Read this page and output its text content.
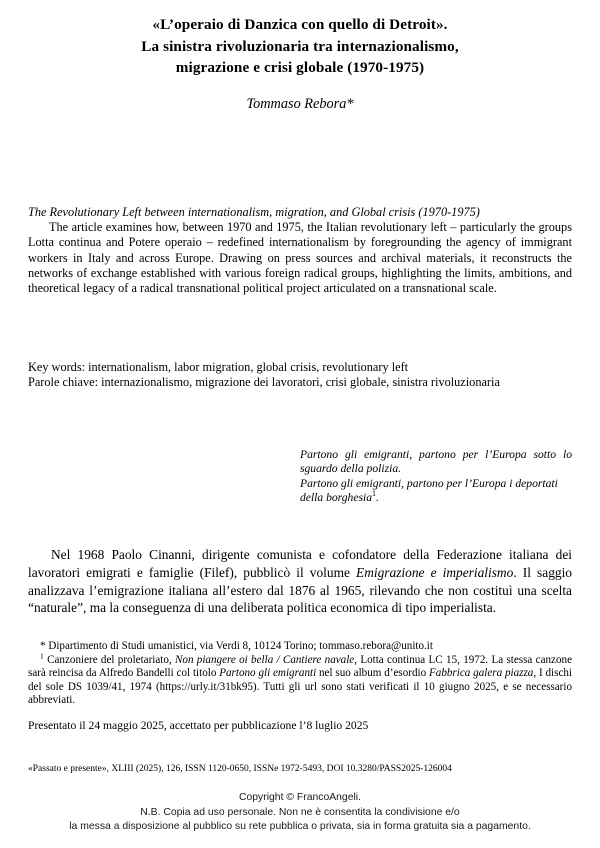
«L’operaio di Danzica con quello di Detroit».
La sinistra rivoluzionaria tra internazionalismo,
migrazione e crisi globale (1970-1975)
Tommaso Rebora*
The Revolutionary Left between internationalism, migration, and Global crisis (1970-1975)
The article examines how, between 1970 and 1975, the Italian revolutionary left – particularly the groups Lotta continua and Potere operaio – redefined internationalism by foregrounding the agency of immigrant workers in Italy and across Europe. Drawing on press sources and archival materials, it reconstructs the networks of exchange established with various foreign radical groups, highlighting the limits, ambitions, and theoretical legacy of a radical transnational political project articulated on a transnational scale.
Key words: internationalism, labor migration, global crisis, revolutionary left
Parole chiave: internazionalismo, migrazione dei lavoratori, crisi globale, sinistra rivoluzionaria
Partono gli emigranti, partono per l’Europa sotto lo sguardo della polizia.
Partono gli emigranti, partono per l’Europa i deportati della borghesia$^1$.

Nel 1968 Paolo Cinanni, dirigente comunista e cofondatore della Federazione italiana dei lavoratori emigrati e famiglie (Filef), pubblicò il volume Emigrazione e imperialismo. Il saggio analizzava l’emigrazione italiana all’estero dal 1876 al 1965, rilevando che non costituì una scelta “naturale”, ma la conseguenza di una deliberata politica economica di tipo imperialista.

* Dipartimento di Studi umanistici, via Verdi 8, 10124 Torino; tommaso.rebora@unito.it
$^1$ Canzoniere del proletariato, Non piangere oi bella / Cantiere navale, Lotta continua LC 15, 1972. La stessa canzone sarà reincisa da Alfredo Bandelli col titolo Partono gli emigranti nel suo album d’esordio Fabbrica galera piazza, I dischi del sole DS 1039/41, 1974 (https://urly.it/31bk95). Tutti gli url sono stati verificati il 10 giugno 2025, e se necessario abbreviati.
Presentato il 24 maggio 2025, accettato per pubblicazione l’8 luglio 2025
«Passato e presente», XLIII (2025), 126, ISSN 1120-0650, ISSNe 1972-5493, DOI 10.3280/PASS2025-126004
Copyright © FrancoAngeli.
N.B. Copia ad uso personale. Non ne è consentita la condivisione e/o
la messa a disposizione al pubblico su rete pubblica o privata, sia in forma gratuita sia a pagamento.
